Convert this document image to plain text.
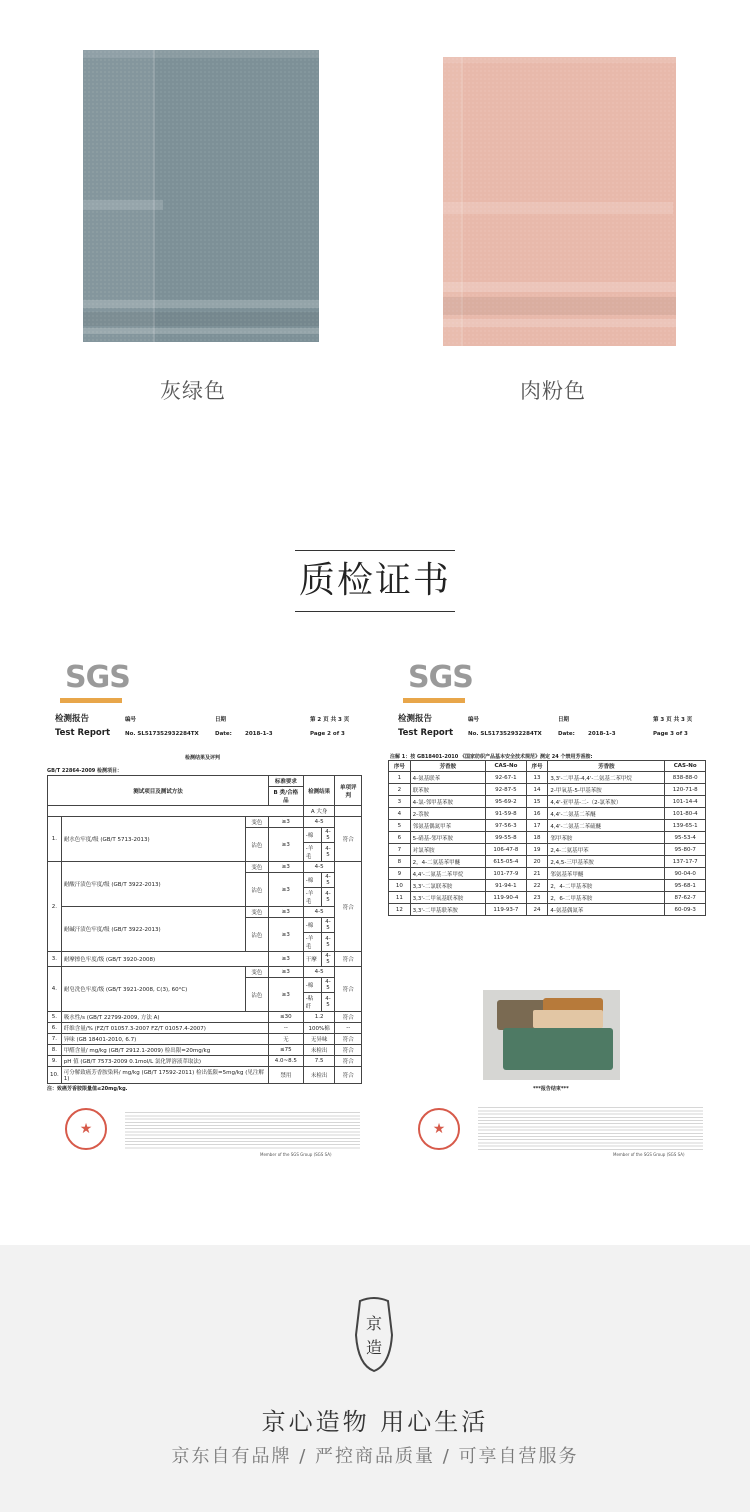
灰绿色	肉粉色
质检证书
SGS
检测报告	编号	日期	第 2 页 共 3 页
Test Report	No. SL517352932284TX	Date:	2018-1-3	Page 2 of 3
检测结果及评判
GB/T 22864-2009 检测项目：
测试项目及测试方法			标准要求	检测结果		单项评判
			B 类/合格品			
				A 大身		
1.	耐水色牢度/级 (GB/T 5713-2013)	变色	≥3	4-5		符合
		沾色	≥3	-棉	4-5	
				-羊毛	4-5	
2.	耐酸汗渍色牢度/级 (GB/T 3922-2013)	变色	≥3	4-5		符合
		沾色	≥3	-棉	4-5	
				-羊毛	4-5	
	耐碱汗渍色牢度/级 (GB/T 3922-2013)	变色	≥3	4-5		
		沾色	≥3	-棉	4-5	
				-羊毛	4-5	
3.	耐摩擦色牢度/级 (GB/T 3920-2008)		≥3	干摩	4-5	符合
4.	耐皂洗色牢度/级 (GB/T 3921-2008, C(3), 60°C)	变色	≥3	4-5		符合
		沾色	≥3	-棉	4-5	
				-粘纤	4-5	
5.	吸水性/s (GB/T 22799-2009, 方法 A)		≤30	1.2		符合
6.	纤维含量/% (FZ/T 01057.3-2007 FZ/T 01057.4-2007)		--	100%棉		--
7.	异味 (GB 18401-2010, 6.7)		无	无异味		符合
8.	甲醛含量/ mg/kg (GB/T 2912.1-2009) 检出限=20mg/kg		≤75	未检出		符合
9.	pH 值 (GB/T 7573-2009 0.1mol/L 氯化钾溶液萃取法)		4.0~8.5	7.5		符合
10.	可分解致癌芳香胺染料/ mg/kg (GB/T 17592-2011) 检出低限=5mg/kg (见注解 1)		禁用	未检出		符合
注：致癌芳香胺限量值≤20mg/kg.
★
Member of the SGS Group (SGS SA)
SGS
检测报告	编号	日期	第 3 页 共 3 页
Test Report	No. SL517352932284TX	Date:	2018-1-3	Page 3 of 3
注解 1：按 GB18401-2010 《国家纺织产品基本安全技术规范》测定 24 个禁用芳香胺:
序号	芳香胺	CAS-No	序号	芳香胺	CAS-No
1	4-氨基联苯	92-67-1	13	3,3'-二甲基-4,4'-二氨基二苯甲烷	838-88-0
2	联苯胺	92-87-5	14	2-甲氧基-5-甲基苯胺	120-71-8
3	4-氯-邻甲基苯胺	95-69-2	15	4,4'-亚甲基-二-（2-氯苯胺）	101-14-4
4	2-萘胺	91-59-8	16	4,4'-二氨基二苯醚	101-80-4
5	邻氨基偶氮甲苯	97-56-3	17	4,4'-二氨基二苯硫醚	139-65-1
6	5-硝基-邻甲苯胺	99-55-8	18	邻甲苯胺	95-53-4
7	对氯苯胺	106-47-8	19	2,4-二氨基甲苯	95-80-7
8	2，4-二氨基苯甲醚	615-05-4	20	2,4,5-三甲基苯胺	137-17-7
9	4,4'-二氨基二苯甲烷	101-77-9	21	邻氨基苯甲醚	90-04-0
10	3,3'-二氯联苯胺	91-94-1	22	2，4-二甲基苯胺	95-68-1
11	3,3'-二甲氧基联苯胺	119-90-4	23	2，6-二甲基苯胺	87-62-7
12	3,3'-二甲基联苯胺	119-93-7	24	4-氨基偶氮苯	60-09-3
***报告结束***
★
Member of the SGS Group (SGS SA)
京
造
京心造物 用心生活
京东自有品牌 / 严控商品质量 / 可享自营服务
